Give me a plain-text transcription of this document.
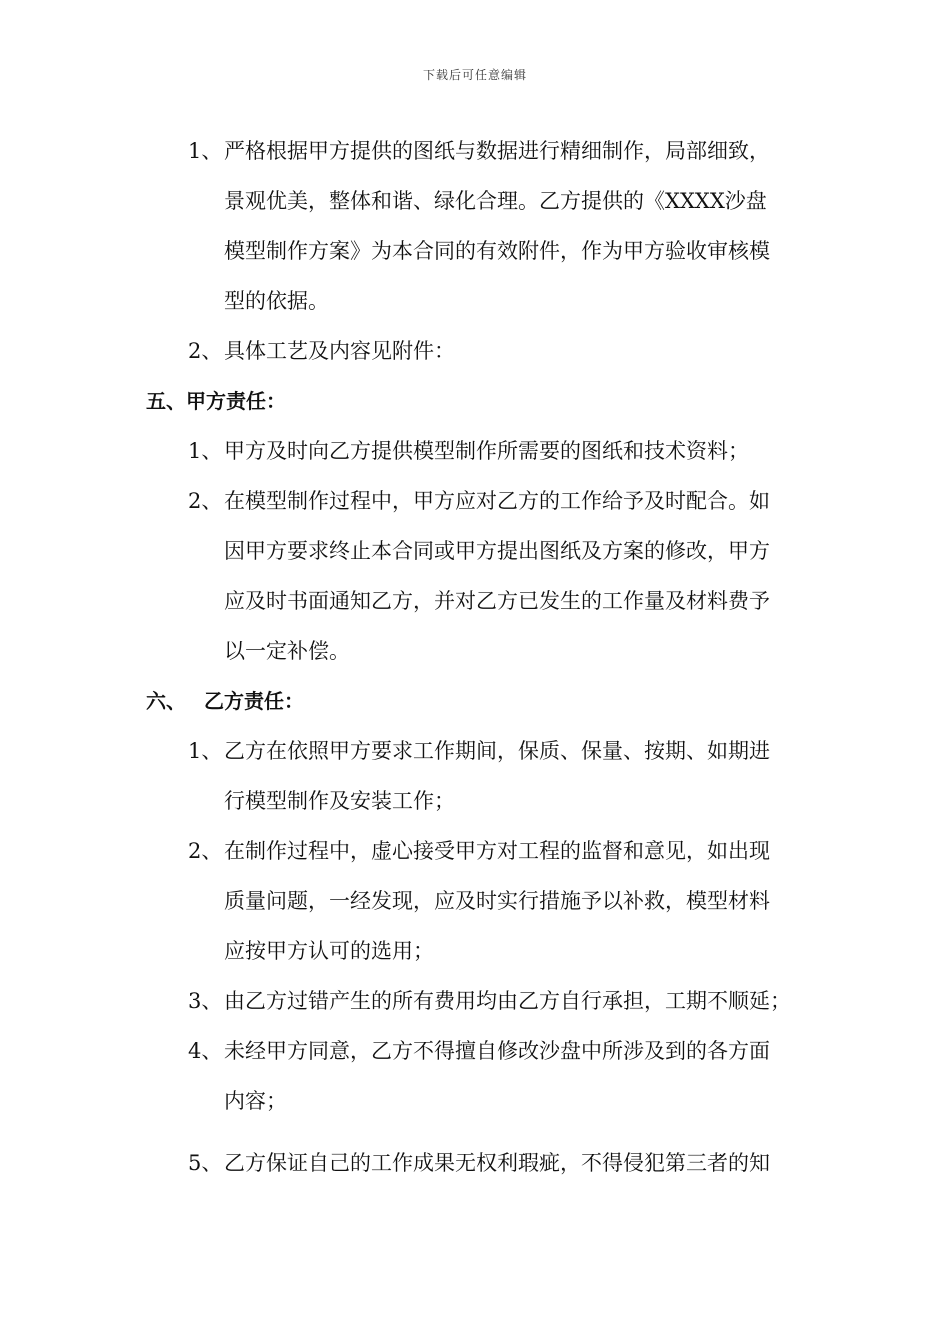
下载后可任意编辑
1、严格根据甲方提供的图纸与数据进行精细制作，局部细致，
景观优美，整体和谐、绿化合理。乙方提供的《XXXX沙盘
模型制作方案》为本合同的有效附件，作为甲方验收审核模
型的依据。
2、具体工艺及内容见附件：
五、甲方责任：
1、甲方及时向乙方提供模型制作所需要的图纸和技术资料；
2、在模型制作过程中，甲方应对乙方的工作给予及时配合。如
因甲方要求终止本合同或甲方提出图纸及方案的修改，甲方
应及时书面通知乙方，并对乙方已发生的工作量及材料费予
以一定补偿。
六、 乙方责任：
1、乙方在依照甲方要求工作期间，保质、保量、按期、如期进
行模型制作及安装工作；
2、在制作过程中，虚心接受甲方对工程的监督和意见，如出现
质量问题，一经发现，应及时实行措施予以补救，模型材料
应按甲方认可的选用；
3、由乙方过错产生的所有费用均由乙方自行承担，工期不顺延；
4、未经甲方同意，乙方不得擅自修改沙盘中所涉及到的各方面
内容；
5、乙方保证自己的工作成果无权利瑕疵，不得侵犯第三者的知
